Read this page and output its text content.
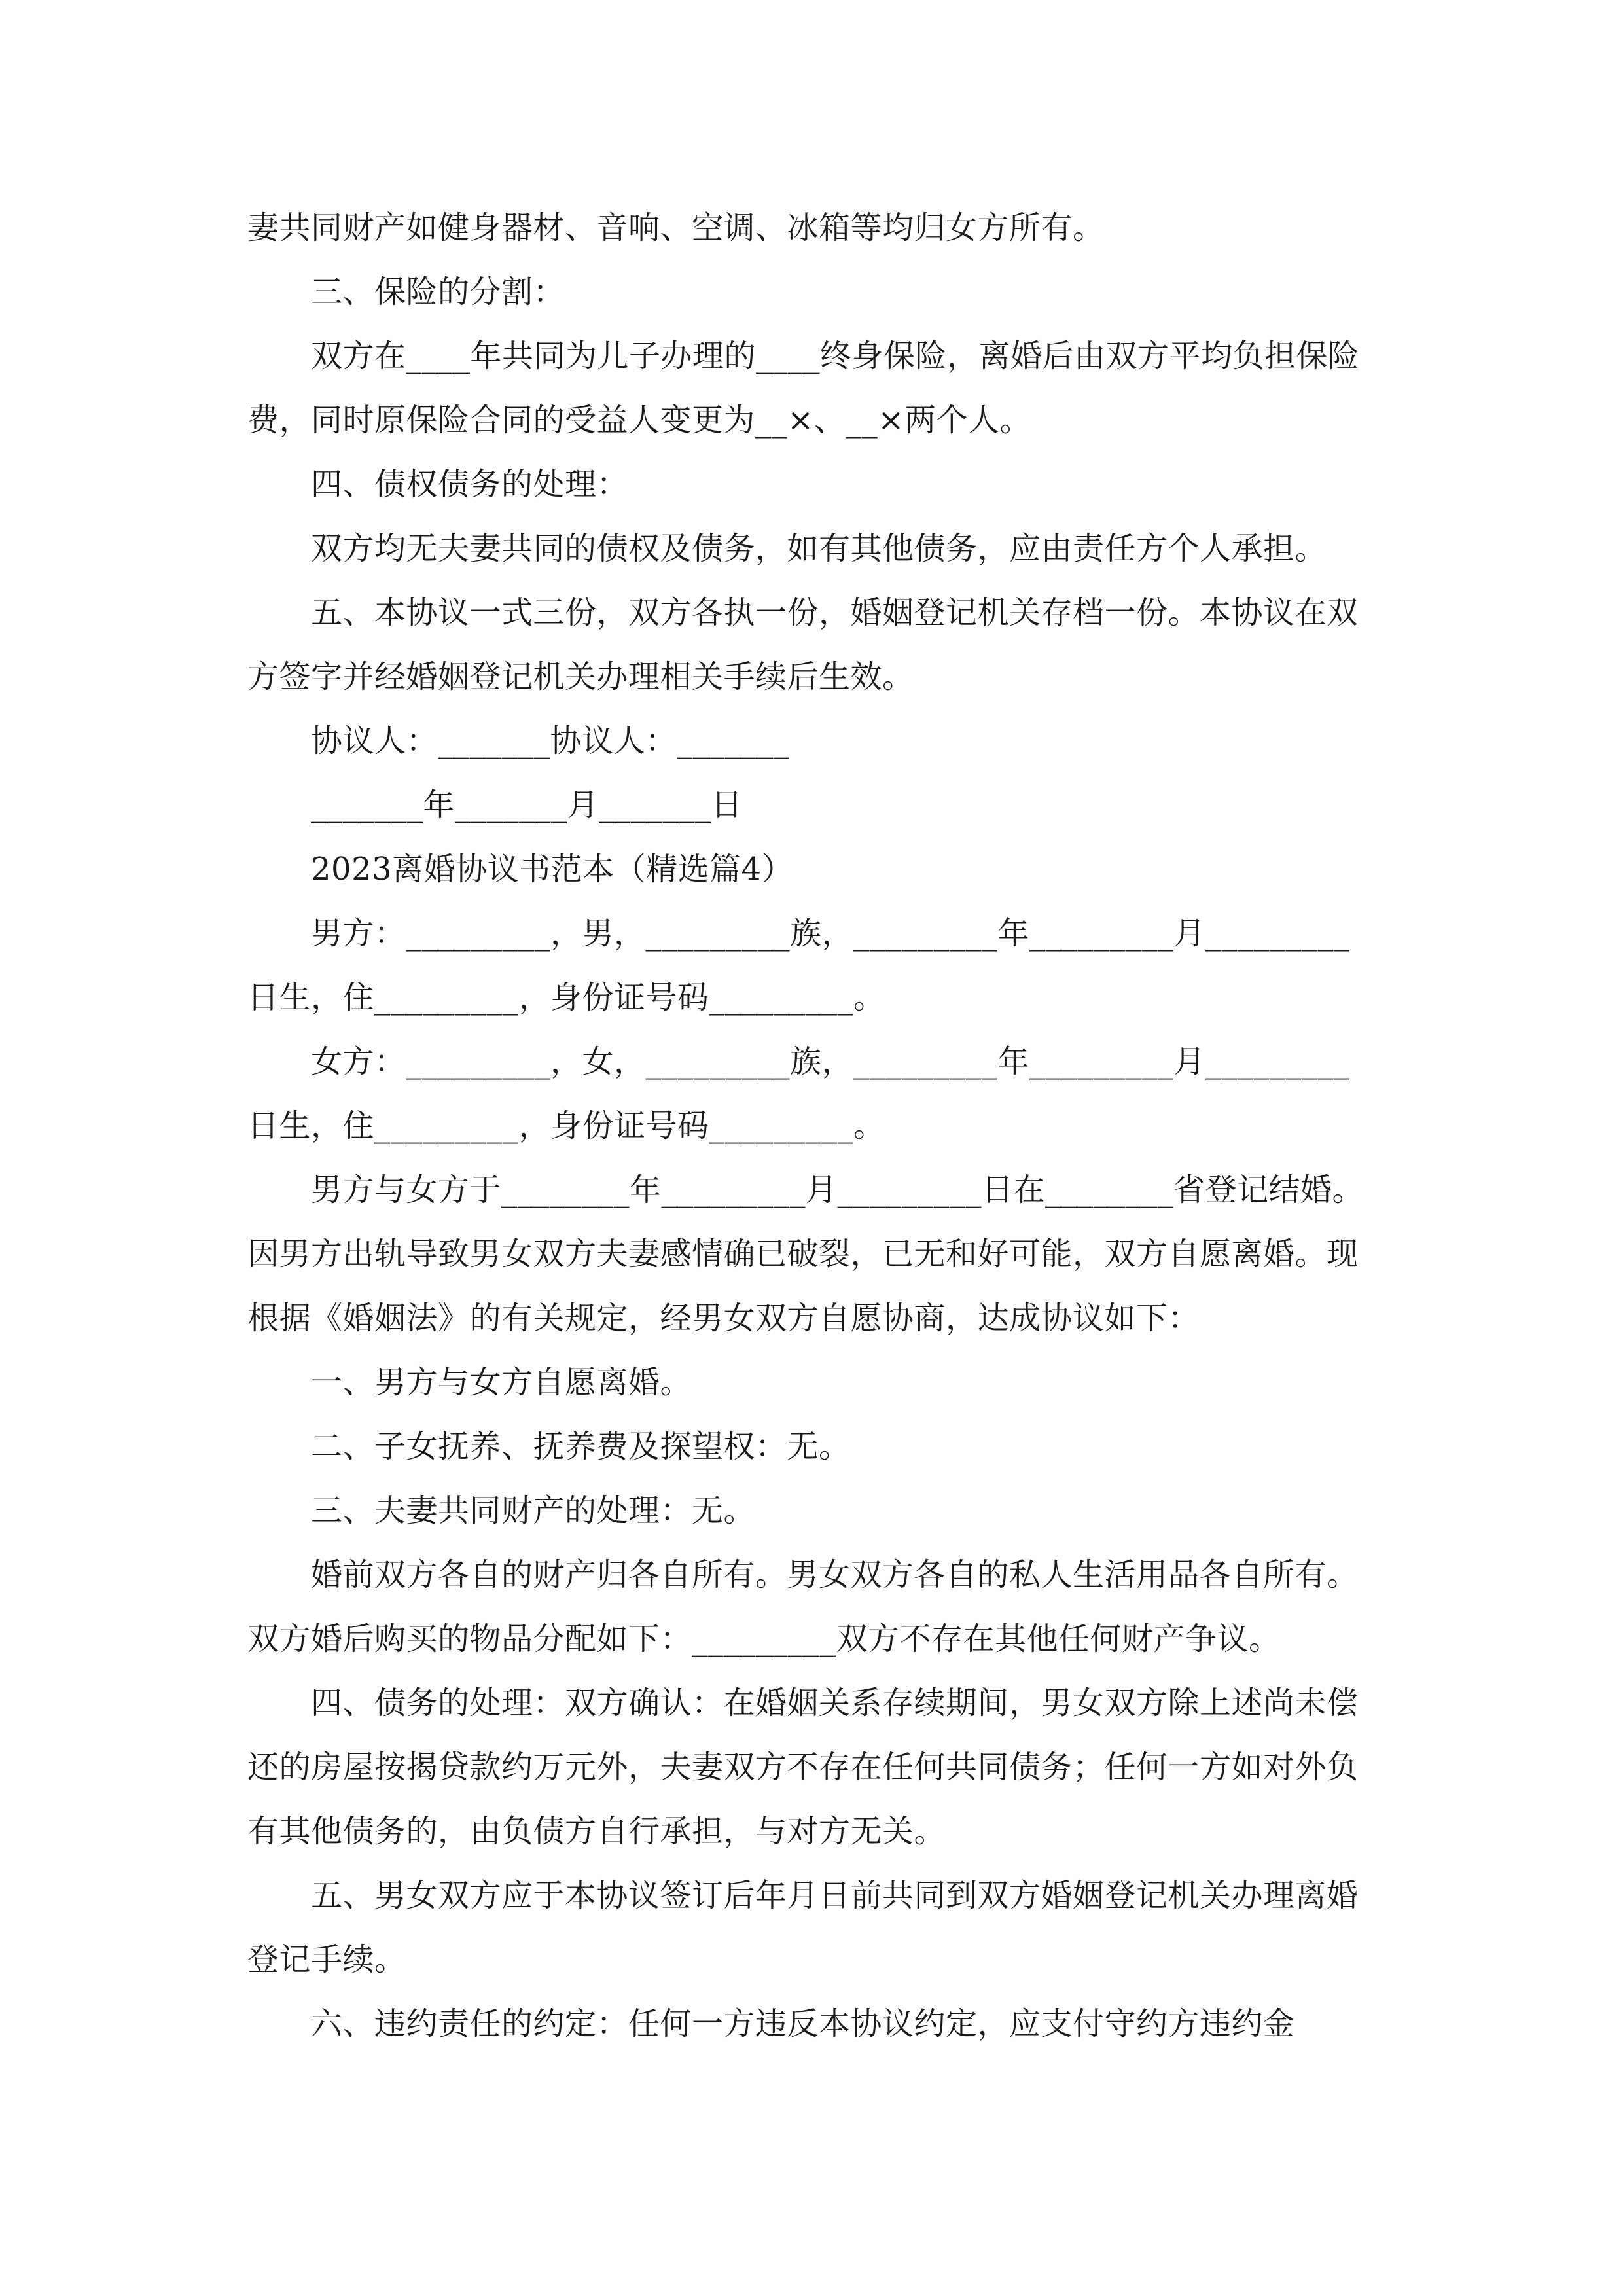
妻共同财产如健身器材、音响、空调、冰箱等均归女方所有。
三、保险的分割：
双方在____年共同为儿子办理的____终身保险，离婚后由双方平均负担保险
费，同时原保险合同的受益人变更为__×、__×两个人。
四、债权债务的处理：
双方均无夫妻共同的债权及债务，如有其他债务，应由责任方个人承担。
五、本协议一式三份，双方各执一份，婚姻登记机关存档一份。本协议在双
方签字并经婚姻登记机关办理相关手续后生效。
协议人：_______协议人：_______
_______年_______月_______日
2023离婚协议书范本（精选篇4）
男方：_________，男，_________族，_________年_________月_________
日生，住_________，身份证号码_________。
女方：_________，女，_________族，_________年_________月_________
日生，住_________，身份证号码_________。
男方与女方于________年_________月_________日在________省登记结婚。
因男方出轨导致男女双方夫妻感情确已破裂，已无和好可能，双方自愿离婚。现
根据《婚姻法》的有关规定，经男女双方自愿协商，达成协议如下：
一、男方与女方自愿离婚。
二、子女抚养、抚养费及探望权：无。
三、夫妻共同财产的处理：无。
婚前双方各自的财产归各自所有。男女双方各自的私人生活用品各自所有。
双方婚后购买的物品分配如下：_________双方不存在其他任何财产争议。
四、债务的处理：双方确认：在婚姻关系存续期间，男女双方除上述尚未偿
还的房屋按揭贷款约万元外，夫妻双方不存在任何共同债务；任何一方如对外负
有其他债务的，由负债方自行承担，与对方无关。
五、男女双方应于本协议签订后年月日前共同到双方婚姻登记机关办理离婚
登记手续。
六、违约责任的约定：任何一方违反本协议约定，应支付守约方违约金
